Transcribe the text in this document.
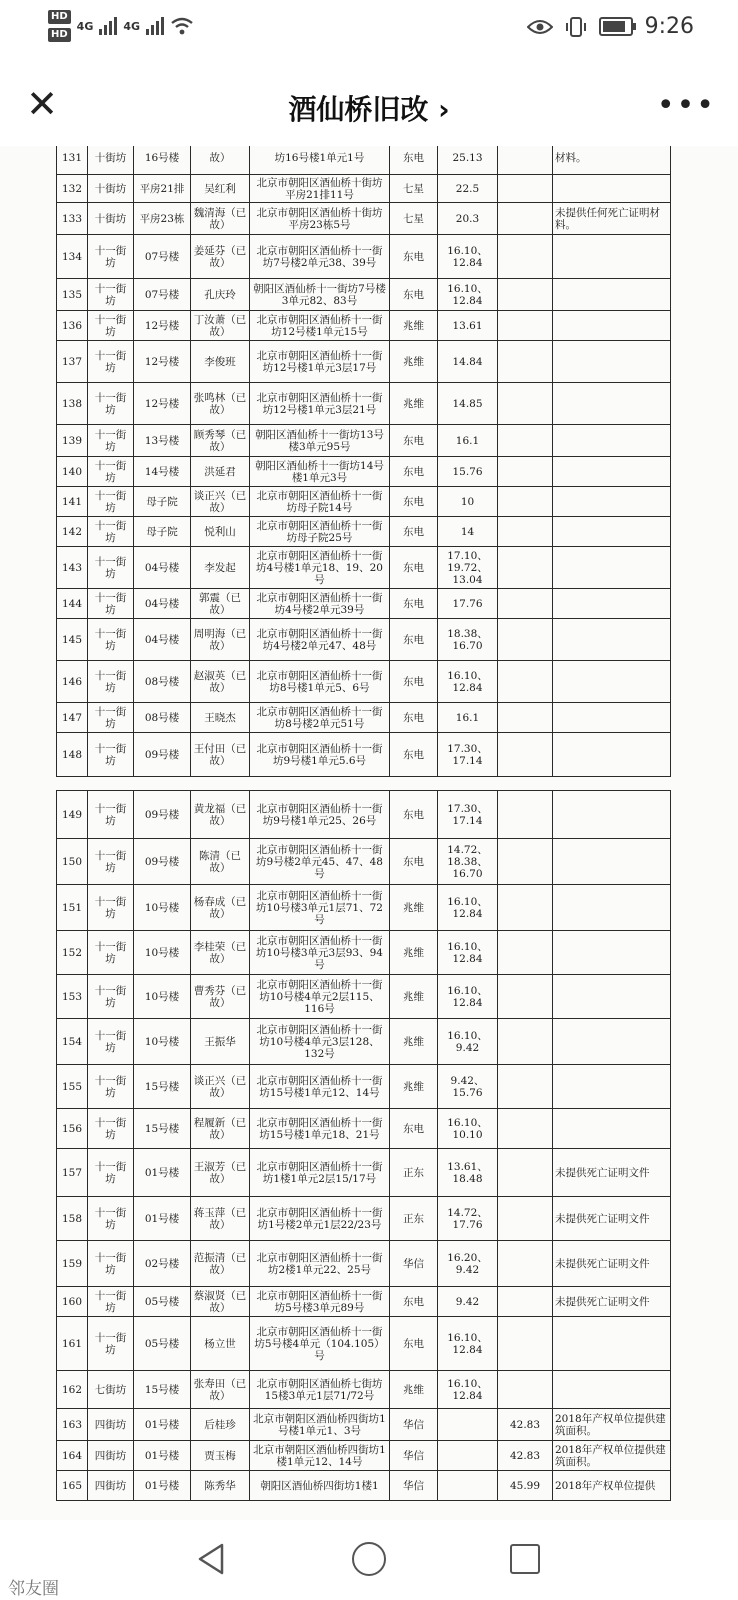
HD
HD
4G	4G	9:26
✕	酒仙桥旧改 ›	•••
131	十街坊	16号楼	故）	坊16号楼1单元1号	东电	25.13		材料。
132	十街坊	平房21排	吴红利	北京市朝阳区酒仙桥十街坊平房21排11号	七星	22.5		
133	十街坊	平房23栋	魏清海（已故）	北京市朝阳区酒仙桥十街坊平房23栋5号	七星	20.3		未提供任何死亡证明材料。
134	十一街坊	07号楼	姜延芬（已故）	北京市朝阳区酒仙桥十一街坊7号楼2单元38、39号	东电	16.10、12.84		
135	十一街坊	07号楼	孔庆玲	朝阳区酒仙桥十一街坊7号楼3单元82、83号	东电	16.10、12.84		
136	十一街坊	12号楼	丁汝萧（已故）	北京市朝阳区酒仙桥十一街坊12号楼1单元15号	兆维	13.61		
137	十一街坊	12号楼	李俊班	北京市朝阳区酒仙桥十一街坊12号楼1单元3层17号	兆维	14.84		
138	十一街坊	12号楼	张鸣林（已故）	北京市朝阳区酒仙桥十一街坊12号楼1单元3层21号	兆维	14.85		
139	十一街坊	13号楼	顾秀琴（已故）	朝阳区酒仙桥十一街坊13号楼3单元95号	东电	16.1		
140	十一街坊	14号楼	洪延君	朝阳区酒仙桥十一街坊14号楼1单元3号	东电	15.76		
141	十一街坊	母子院	谈正兴（已故）	北京市朝阳区酒仙桥十一街坊母子院14号	东电	10		
142	十一街坊	母子院	悦利山	北京市朝阳区酒仙桥十一街坊母子院25号	东电	14		
143	十一街坊	04号楼	李发起	北京市朝阳区酒仙桥十一街坊4号楼1单元18、19、20号	东电	17.10、19.72、13.04		
144	十一街坊	04号楼	郭震（已故）	北京市朝阳区酒仙桥十一街坊4号楼2单元39号	东电	17.76		
145	十一街坊	04号楼	周明海（已故）	北京市朝阳区酒仙桥十一街坊4号楼2单元47、48号	东电	18.38、16.70		
146	十一街坊	08号楼	赵淑英（已故）	北京市朝阳区酒仙桥十一街坊8号楼1单元5、6号	东电	16.10、12.84		
147	十一街坊	08号楼	王晓杰	北京市朝阳区酒仙桥十一街坊8号楼2单元51号	东电	16.1		
148	十一街坊	09号楼	王付田（已故）	北京市朝阳区酒仙桥十一街坊9号楼1单元5.6号	东电	17.30、17.14		
149	十一街坊	09号楼	黄龙福（已故）	北京市朝阳区酒仙桥十一街坊9号楼1单元25、26号	东电	17.30、17.14		
150	十一街坊	09号楼	陈清（已故）	北京市朝阳区酒仙桥十一街坊9号楼2单元45、47、48号	东电	14.72、18.38、16.70		
151	十一街坊	10号楼	杨春成（已故）	北京市朝阳区酒仙桥十一街坊10号楼3单元1层71、72号	兆维	16.10、12.84		
152	十一街坊	10号楼	李桂荣（已故）	北京市朝阳区酒仙桥十一街坊10号楼3单元3层93、94号	兆维	16.10、12.84		
153	十一街坊	10号楼	曹秀芬（已故）	北京市朝阳区酒仙桥十一街坊10号楼4单元2层115、116号	兆维	16.10、12.84		
154	十一街坊	10号楼	王振华	北京市朝阳区酒仙桥十一街坊10号楼4单元3层128、132号	兆维	16.10、9.42		
155	十一街坊	15号楼	谈正兴（已故）	北京市朝阳区酒仙桥十一街坊15号楼1单元12、14号	兆维	9.42、15.76		
156	十一街坊	15号楼	程履新（已故）	北京市朝阳区酒仙桥十一街坊15号楼1单元18、21号	东电	16.10、10.10		
157	十一街坊	01号楼	王淑芳（已故）	北京市朝阳区酒仙桥十一街坊1楼1单元2层15/17号	正东	13.61、18.48		未提供死亡证明文件
158	十一街坊	01号楼	蒋玉萍（已故）	北京市朝阳区酒仙桥十一街坊1号楼2单元1层22/23号	正东	14.72、17.76		未提供死亡证明文件
159	十一街坊	02号楼	范振清（已故）	北京市朝阳区酒仙桥十一街坊2楼1单元22、25号	华信	16.20、9.42		未提供死亡证明文件
160	十一街坊	05号楼	蔡淑贤（已故）	北京市朝阳区酒仙桥十一街坊5号楼3单元89号	东电	9.42		未提供死亡证明文件
161	十一街坊	05号楼	杨立世	北京市朝阳区酒仙桥十一街坊5号楼4单元（104.105）号	东电	16.10、12.84		
162	七街坊	15号楼	张寿田（已故）	北京市朝阳区酒仙桥七街坊15楼3单元1层71/72号	兆维	16.10、12.84		
163	四街坊	01号楼	后桂珍	北京市朝阳区酒仙桥四街坊1号楼1单元1、3号	华信		42.83	2018年产权单位提供建筑面积。
164	四街坊	01号楼	贾玉梅	北京市朝阳区酒仙桥四街坊1楼1单元12、14号	华信		42.83	2018年产权单位提供建筑面积。
165	四街坊	01号楼	陈秀华	朝阳区酒仙桥四街坊1楼1	华信		45.99	2018年产权单位提供
邻友圈
